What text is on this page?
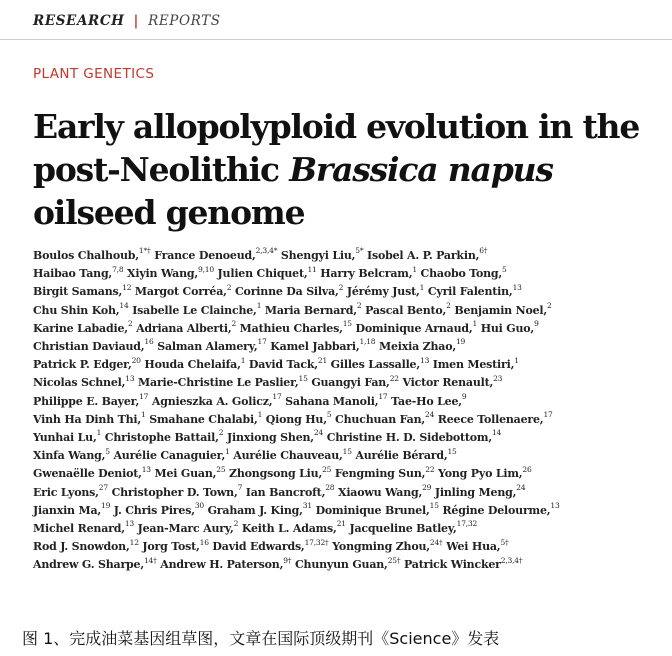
RESEARCH | REPORTS
PLANT GENETICS
Early allopolyploid evolution in the
post-Neolithic Brassica napus
oilseed genome

Boulos Chalhoub,$^{1*\dagger}$ France Denoeud,$^{2,3,4*}$ Shengyi Liu,$^{5*}$ Isobel A. P. Parkin,$^{6\dagger}$
Haibao Tang,$^{7,8}$ Xiyin Wang,$^{9,10}$ Julien Chiquet,$^{11}$ Harry Belcram,$^1$ Chaobo Tong,$^5$
Birgit Samans,$^{12}$ Margot Corréa,$^2$ Corinne Da Silva,$^2$ Jérémy Just,$^1$ Cyril Falentin,$^{13}$
Chu Shin Koh,$^{14}$ Isabelle Le Clainche,$^1$ Maria Bernard,$^2$ Pascal Bento,$^2$ Benjamin Noel,$^2$
Karine Labadie,$^2$ Adriana Alberti,$^2$ Mathieu Charles,$^{15}$ Dominique Arnaud,$^1$ Hui Guo,$^9$
Christian Daviaud,$^{16}$ Salman Alamery,$^{17}$ Kamel Jabbari,$^{1,18}$ Meixia Zhao,$^{19}$
Patrick P. Edger,$^{20}$ Houda Chelaifa,$^1$ David Tack,$^{21}$ Gilles Lassalle,$^{13}$ Imen Mestiri,$^1$
Nicolas Schnel,$^{13}$ Marie-Christine Le Paslier,$^{15}$ Guangyi Fan,$^{22}$ Victor Renault,$^{23}$
Philippe E. Bayer,$^{17}$ Agnieszka A. Golicz,$^{17}$ Sahana Manoli,$^{17}$ Tae-Ho Lee,$^9$
Vinh Ha Dinh Thi,$^1$ Smahane Chalabi,$^1$ Qiong Hu,$^5$ Chuchuan Fan,$^{24}$ Reece Tollenaere,$^{17}$
Yunhai Lu,$^1$ Christophe Battail,$^2$ Jinxiong Shen,$^{24}$ Christine H. D. Sidebottom,$^{14}$
Xinfa Wang,$^5$ Aurélie Canaguier,$^1$ Aurélie Chauveau,$^{15}$ Aurélie Bérard,$^{15}$
Gwenaëlle Deniot,$^{13}$ Mei Guan,$^{25}$ Zhongsong Liu,$^{25}$ Fengming Sun,$^{22}$ Yong Pyo Lim,$^{26}$
Eric Lyons,$^{27}$ Christopher D. Town,$^7$ Ian Bancroft,$^{28}$ Xiaowu Wang,$^{29}$ Jinling Meng,$^{24}$
Jianxin Ma,$^{19}$ J. Chris Pires,$^{30}$ Graham J. King,$^{31}$ Dominique Brunel,$^{15}$ Régine Delourme,$^{13}$
Michel Renard,$^{13}$ Jean-Marc Aury,$^2$ Keith L. Adams,$^{21}$ Jacqueline Batley,$^{17,32}$
Rod J. Snowdon,$^{12}$ Jorg Tost,$^{16}$ David Edwards,$^{17,32\dagger}$ Yongming Zhou,$^{24\dagger}$ Wei Hua,$^{5\dagger}$
Andrew G. Sharpe,$^{14\dagger}$ Andrew H. Paterson,$^{9\dagger}$ Chunyun Guan,$^{25\dagger}$ Patrick Wincker$^{2,3,4\dagger}$

图 1、完成油菜基因组草图，文章在国际顶级期刊《Science》发表
